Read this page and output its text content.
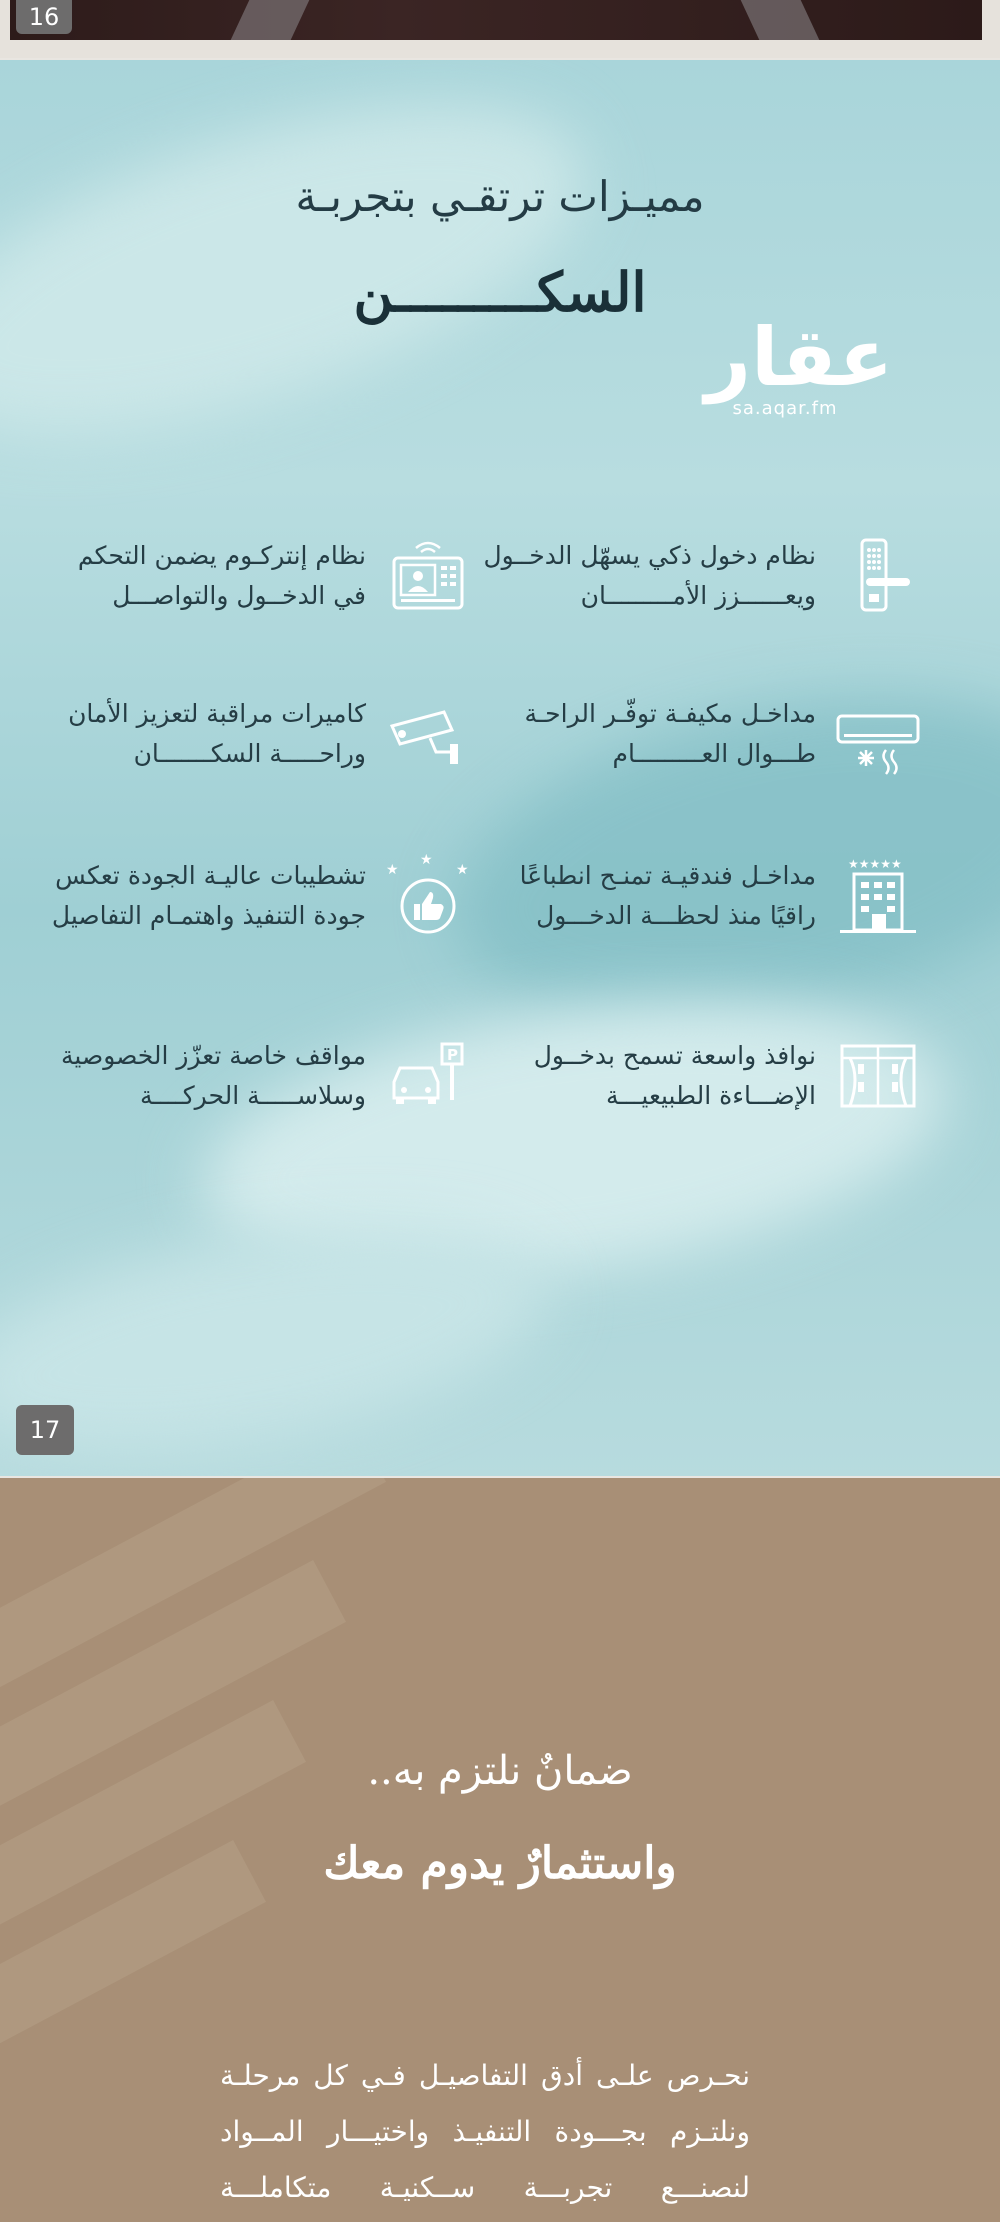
16
مميـزات ترتقـي بتجربـة
السكـــــــــن
عقار
sa.aqar.fm
نظام دخول ذكي يسهّل الدخــول
ويعــــــزز الأمـــــــــان
نظام إنتركـوم يضمن التحكم
في الدخــول والتواصـــل
مداخـل مكيفـة توفّـر الراحـة
طـــوال العـــــــــام
كاميرات مراقبة لتعزيز الأمان
وراحـــــة السكـــــــان
★★★★★
مداخـل فندقيـة تمنـح انطباعًا
راقيًا منذ لحظـــة الدخـــول
★
★
★
تشطيبات عاليـة الجودة تعكس
جودة التنفيذ واهتمـام التفاصيل
نوافذ واسعة تسمح بدخــول
الإضـــاءة الطبيعيـــة
P
مواقف خاصة تعزّز الخصوصية
وسلاســـــة الحركــــة
17
ضمانٌ نلتزم به..
واستثمارٌ يدوم معك
نحـرص علـى أدق التفاصيـل فـي كل مرحلـة
ونلتـزم بجـــودة التنفيـذ واختيـــار المــواد
لنصنـــع تجربـــة ســكنيـة متكاملـــة
